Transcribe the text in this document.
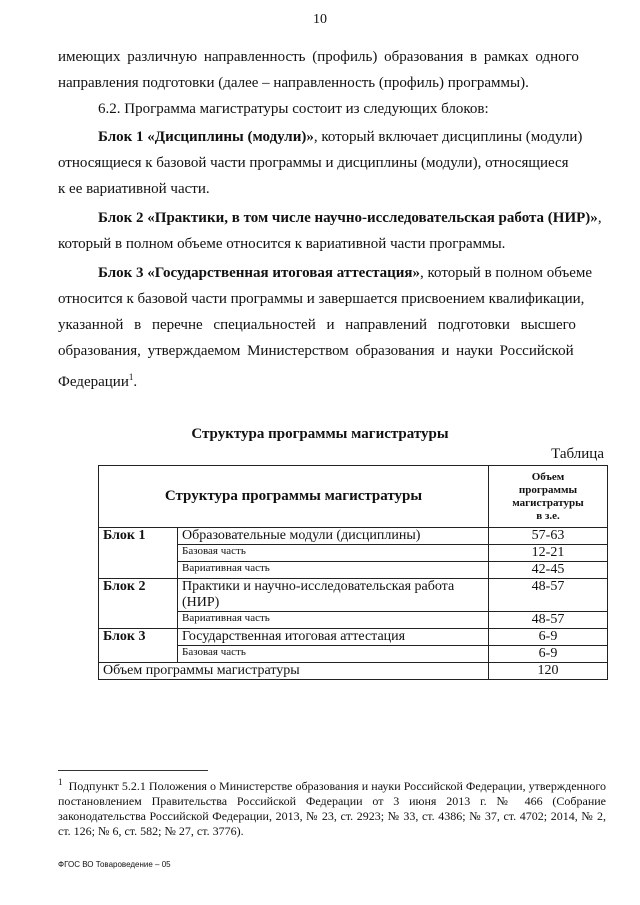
10
имеющих различную направленность (профиль) образования в рамках одного
направления подготовки (далее – направленность (профиль) программы).
6.2. Программа магистратуры состоит из следующих блоков:
Блок 1 «Дисциплины (модули)», который включает дисциплины (модули)
относящиеся к базовой части программы и дисциплины (модули), относящиеся
к ее вариативной части.
Блок 2 «Практики, в том числе научно-исследовательская работа (НИР)»,
который в полном объеме относится к вариативной части программы.
Блок 3 «Государственная итоговая аттестация», который в полном объеме
относится к базовой части программы и завершается присвоением квалификации,
указанной в перечне специальностей и направлений подготовки высшего
образования, утверждаемом Министерством образования и науки Российской
Федерации$^1$.
Структура программы магистратуры
Таблица
Структура программы магистратуры		Объем
программы
магистратуры
в з.е.

Блок 1	Образовательные модули (дисциплины)	57-63
	Базовая часть	12-21
	Вариативная часть	42-45
Блок 2	Практики и научно-исследовательская работа (НИР)	48-57
	Вариативная часть	48-57
Блок 3	Государственная итоговая аттестация	6-9
	Базовая часть	6-9
Объем программы магистратуры		120
$^1$ Подпункт 5.2.1 Положения о Министерстве образования и науки Российской Федерации, утвержденного постановлением Правительства Российской Федерации от 3 июня 2013 г. № 466 (Собрание законодательства Российской Федерации, 2013, № 23, ст. 2923; № 33, ст. 4386; № 37, ст. 4702; 2014, № 2, ст. 126; № 6, ст. 582; № 27, ст. 3776).
ФГОС ВО Товароведение – 05
